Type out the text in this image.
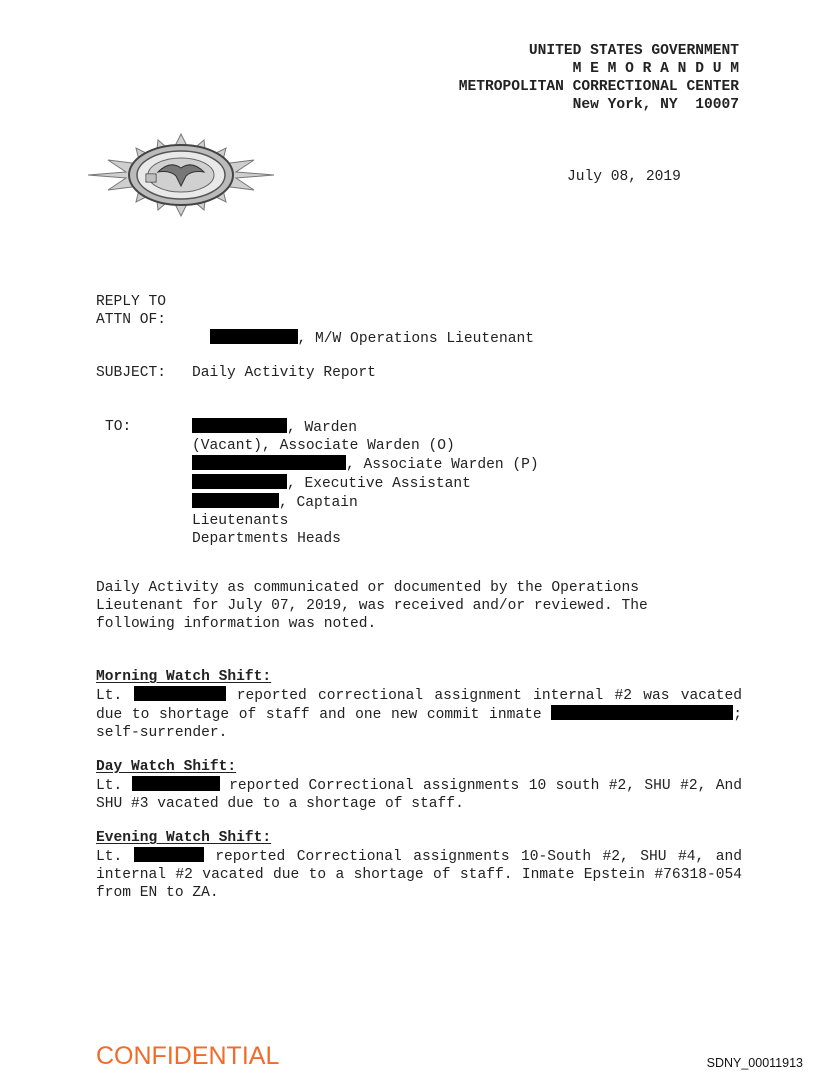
UNITED STATES GOVERNMENT
M E M O R A N D U M
METROPOLITAN CORRECTIONAL CENTER
New York, NY  10007
July 08, 2019
REPLY TO
ATTN OF:

, M/W Operations Lieutenant

SUBJECT: Daily Activity Report
TO:	, Warden
(Vacant), Associate Warden (O)
, Associate Warden (P)
, Executive Assistant
, Captain
Lieutenants
Departments Heads
Daily Activity as communicated or documented by the Operations Lieutenant for July 07, 2019, was received and/or reviewed. The following information was noted.
Morning Watch Shift:
Lt.	reported correctional assignment internal #2 was vacated due to shortage of staff and one new commit inmate	; self-surrender.
Day Watch Shift:
Lt.	reported Correctional assignments 10 south #2, SHU #2, And SHU #3 vacated due to a shortage of staff.
Evening Watch Shift:
Lt.	reported Correctional assignments 10-South #2, SHU #4, and internal #2 vacated due to a shortage of staff. Inmate Epstein #76318-054 from EN to ZA.
CONFIDENTIAL	SDNY_00011913
